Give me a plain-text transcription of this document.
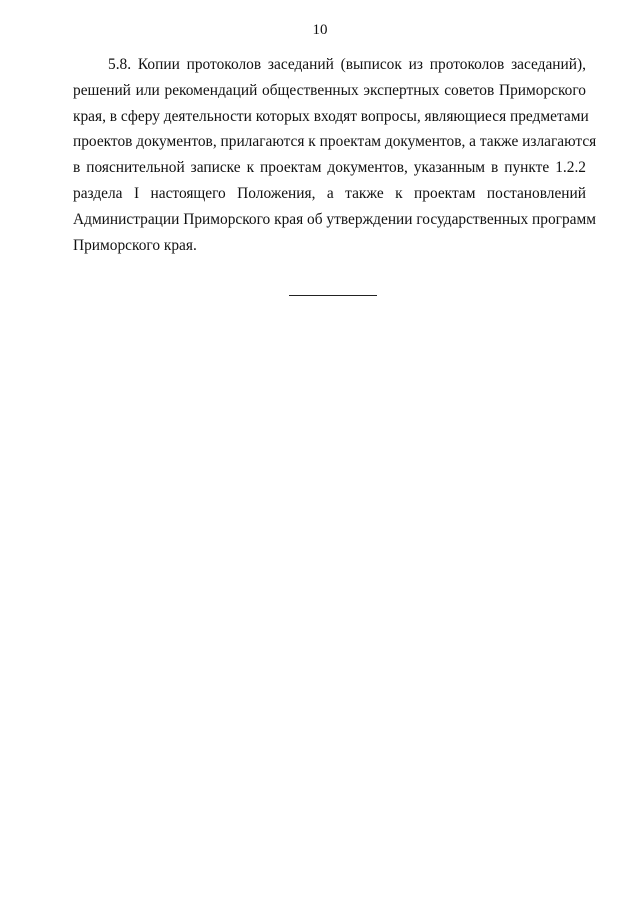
10
5.8. Копии протоколов заседаний (выписок из протоколов заседаний),
решений или рекомендаций общественных экспертных советов Приморского
края, в сферу деятельности которых входят вопросы, являющиеся предметами
проектов документов, прилагаются к проектам документов, а также излагаются
в пояснительной записке к проектам документов, указанным в пункте 1.2.2
раздела I настоящего Положения, а также к проектам постановлений
Администрации Приморского края об утверждении государственных программ
Приморского края.
